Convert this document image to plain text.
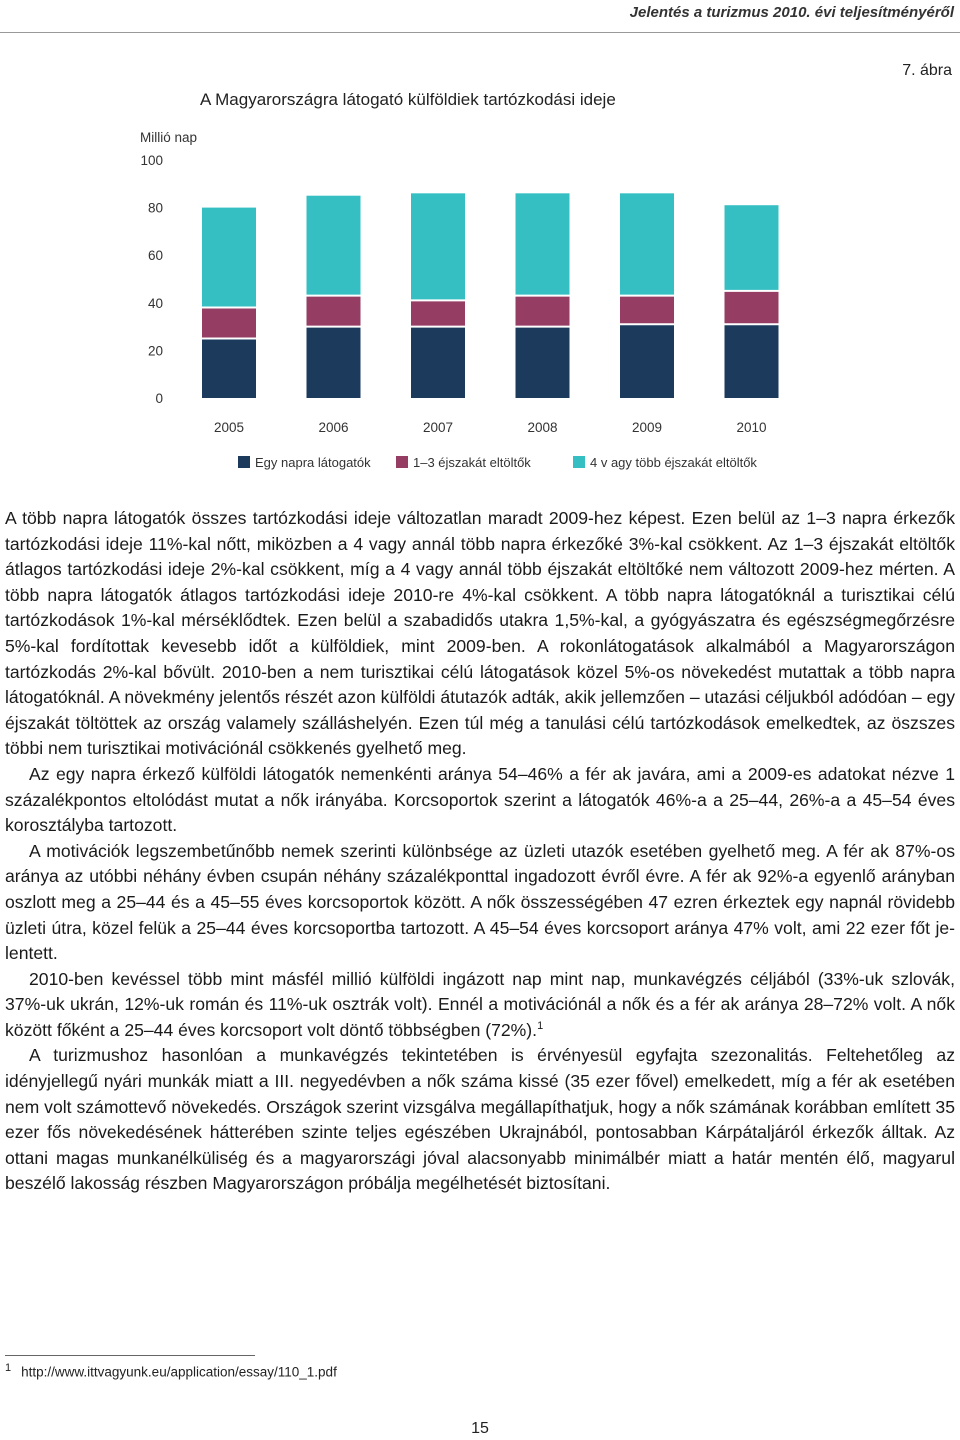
Jelentés a turizmus 2010. évi teljesítményéről
7. ábra
A Magyarországra látogató külföldiek tartózkodási ideje
Millió nap
0
20
40
60
80
100
2005	2006	2007	2008	2009	2010
Egy napra látogatók	1–3 éjszakát eltöltők	4 v agy több éjszakát eltöltők

A több napra látogatók összes tartózkodási ideje változatlan maradt 2009-hez képest. Ezen belül az 1–3 napra érkezők tartózkodási ideje 11%-kal nőtt, miközben a 4 vagy annál több napra érkezőké 3%-kal csökkent. Az 1–3 éjszakát eltöltők átlagos tartózkodási ideje 2%-kal csökkent, míg a 4 vagy annál több éjszakát eltöltőké nem változott 2009-hez mérten. A több napra látogatók átlagos tartózkodási ideje 2010-re 4%-kal csökkent. A több napra látogatóknál a turisztikai célú tartózkodások 1%-kal mérséklődtek. Ezen belül a szabadidős utakra 1,5%-kal, a gyógyászatra és egészségmegőrzésre 5%-kal fordítottak kevesebb időt a külföldiek, mint 2009-ben. A rokonlátogatások alkalmából a Magyarországon tartózkodás 2%-kal bővült. 2010-ben a nem turisztikai célú látogatások közel 5%-os növekedést mutattak a több napra látogatóknál. A növekmény jelentős részét azon külföldi átutazók adták, akik jellemzően – utazási céljukból adódóan – egy éjszakát töltöttek az ország valamely szálláshelyén. Ezen túl még a tanulási célú tartózkodások emelkedtek, az öszszes többi nem turisztikai motivációnál csökkenés gyelhető meg.

Az egy napra érkező külföldi látogatók nemenkénti aránya 54–46% a fér ak javára, ami a 2009-es adatokat nézve 1 százalékpontos eltolódást mutat a nők irányába. Korcsoportok szerint a látogatók 46%-a a 25–44, 26%-a a 45–54 éves korosztályba tartozott.

A motivációk legszembetűnőbb nemek szerinti különbsége az üzleti utazók esetében gyelhető meg. A fér ak 87%-os aránya az utóbbi néhány évben csupán néhány százalékponttal ingadozott évről évre. A fér ak 92%-a egyenlő arányban oszlott meg a 25–44 és a 45–55 éves korcsoportok között. A nők összességében 47 ezren érkeztek egy napnál rövidebb üzleti útra, közel felük a 25–44 éves korcsoportba tartozott. A 45–54 éves korcsoport aránya 47% volt, ami 22 ezer főt jelentett.

2010-ben kevéssel több mint másfél millió külföldi ingázott nap mint nap, munkavégzés céljából (33%-uk szlovák, 37%-uk ukrán, 12%-uk román és 11%-uk osztrák volt). Ennél a motivációnál a nők és a fér ak aránya 28–72% volt. A nők között főként a 25–44 éves korcsoport volt döntő többségben (72%).$^1$

A turizmushoz hasonlóan a munkavégzés tekintetében is érvényesül egyfajta szezonalitás. Feltehetőleg az idényjellegű nyári munkák miatt a III. negyedévben a nők száma kissé (35 ezer fővel) emelkedett, míg a fér ak esetében nem volt számottevő növekedés. Országok szerint vizsgálva megállapíthatjuk, hogy a nők számának korábban említett 35 ezer fős növekedésének hátterében szinte teljes egészében Ukrajnából, pontosabban Kárpátaljáról érkezők álltak. Az ottani magas munkanélküliség és a magyarországi jóval alacsonyabb minimálbér miatt a határ mentén élő, magyarul beszélő lakosság részben Magyarországon próbálja megélhetését biztosítani.

$^1$ http://www.ittvagyunk.eu/application/essay/110_1.pdf
15
